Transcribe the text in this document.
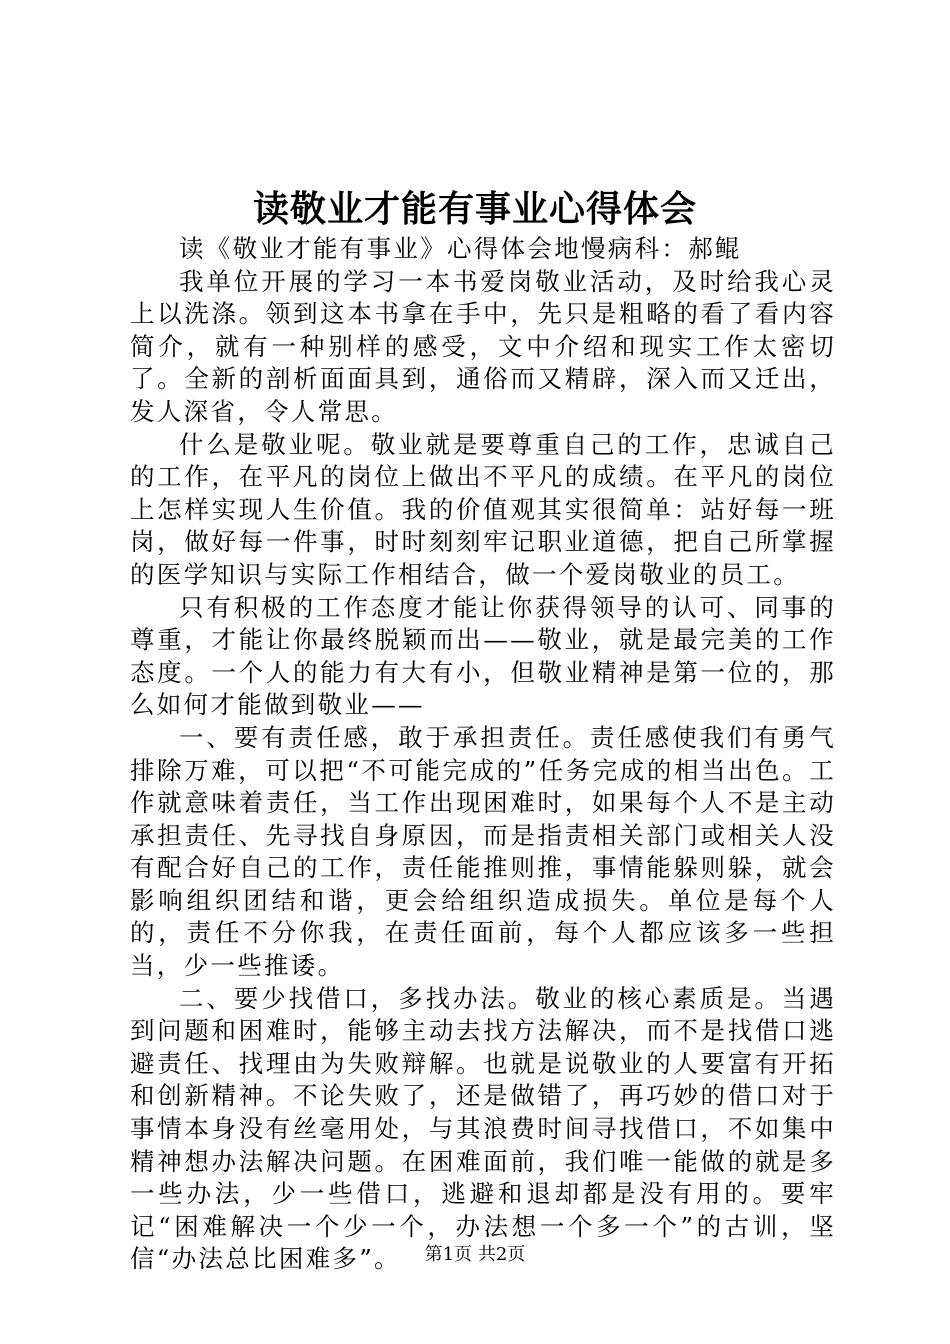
读敬业才能有事业心得体会

读《敬业才能有事业》心得体会地慢病科：郝鲲

我单位开展的学习一本书爱岗敬业活动，及时给我心灵上以洗涤。领到这本书拿在手中，先只是粗略的看了看内容简介，就有一种别样的感受，文中介绍和现实工作太密切了。全新的剖析面面具到，通俗而又精辟，深入而又迁出，发人深省，令人常思。

什么是敬业呢。敬业就是要尊重自己的工作，忠诚自己的工作，在平凡的岗位上做出不平凡的成绩。在平凡的岗位上怎样实现人生价值。我的价值观其实很简单：站好每一班岗，做好每一件事，时时刻刻牢记职业道德，把自己所掌握的医学知识与实际工作相结合，做一个爱岗敬业的员工。

只有积极的工作态度才能让你获得领导的认可、同事的尊重，才能让你最终脱颖而出——敬业，就是最完美的工作态度。一个人的能力有大有小，但敬业精神是第一位的，那么如何才能做到敬业——

一、要有责任感，敢于承担责任。责任感使我们有勇气排除万难，可以把“不可能完成的”任务完成的相当出色。工作就意味着责任，当工作出现困难时，如果每个人不是主动承担责任、先寻找自身原因，而是指责相关部门或相关人没有配合好自己的工作，责任能推则推，事情能躲则躲，就会影响组织团结和谐，更会给组织造成损失。单位是每个人的，责任不分你我，在责任面前，每个人都应该多一些担当，少一些推诿。

二、要少找借口，多找办法。敬业的核心素质是。当遇到问题和困难时，能够主动去找方法解决，而不是找借口逃避责任、找理由为失败辩解。也就是说敬业的人要富有开拓和创新精神。不论失败了，还是做错了，再巧妙的借口对于事情本身没有丝毫用处，与其浪费时间寻找借口，不如集中精神想办法解决问题。在困难面前，我们唯一能做的就是多一些办法，少一些借口，逃避和退却都是没有用的。要牢记“困难解决一个少一个，办法想一个多一个”的古训，坚信“办法总比困难多”。	第1页 共2页
